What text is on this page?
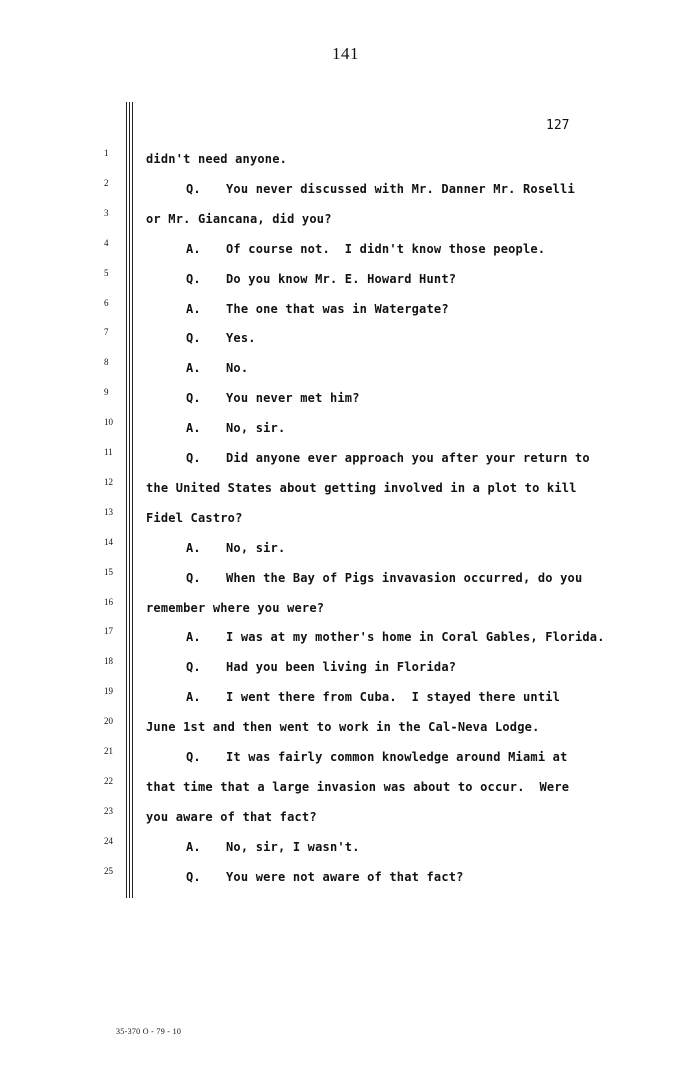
141
127
1
2
3
4
5
6
7
8
9
10
11
12
13
14
15
16
17
18
19
20
21
22
23
24
25
didn't need anyone.
Q. You never discussed with Mr. Danner Mr. Roselli
or Mr. Giancana, did you?
A. Of course not.  I didn't know those people.
Q. Do you know Mr. E. Howard Hunt?
A. The one that was in Watergate?
Q. Yes.
A. No.
Q. You never met him?
A. No, sir.
Q. Did anyone ever approach you after your return to
the United States about getting involved in a plot to kill
Fidel Castro?
A. No, sir.
Q. When the Bay of Pigs invavasion occurred, do you
remember where you were?
A. I was at my mother's home in Coral Gables, Florida.
Q. Had you been living in Florida?
A. I went there from Cuba.  I stayed there until
June 1st and then went to work in the Cal-Neva Lodge.
Q. It was fairly common knowledge around Miami at
that time that a large invasion was about to occur.  Were
you aware of that fact?
A. No, sir, I wasn't.
Q. You were not aware of that fact?
35-370 O - 79 - 10
